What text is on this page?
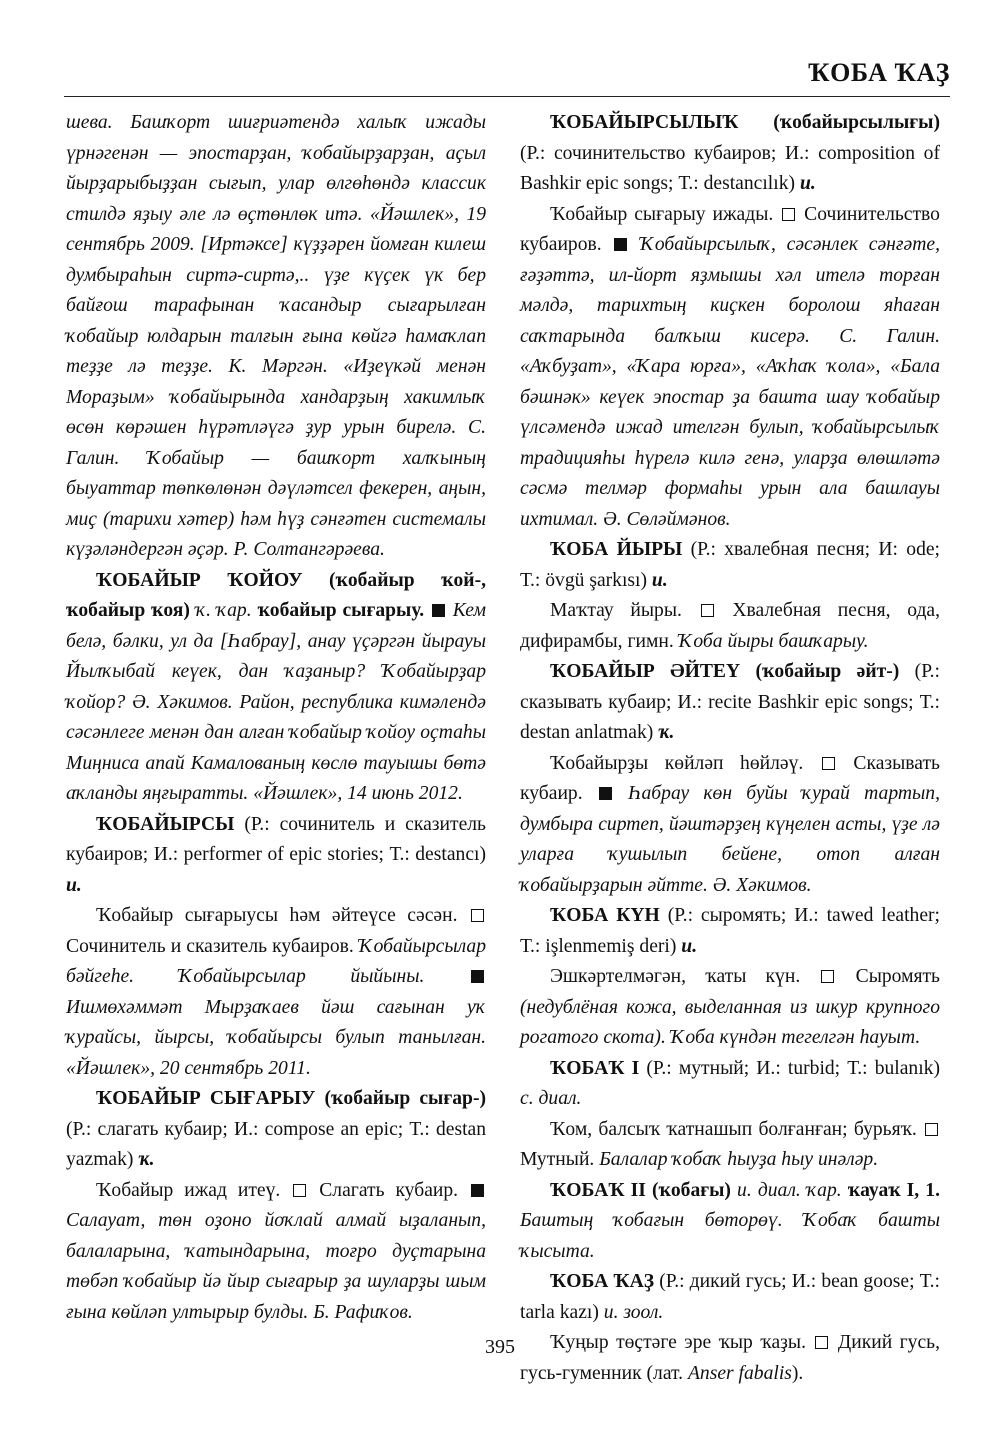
ҠОБА ҠАҘ

шева. Башҡорт шиғриәтендә халыҡ ижады үрнәгенән — эпостарҙан, ҡобайырҙарҙан, аҫыл йырҙарыбыҙҙан сығып, улар өлгөһөндә классик стилдә яҙыу әле лә өҫтөнлөк итә. «Йәшлек», 19 сентябрь 2009. [Иртәксе] күҙҙәрен йомған килеш думбыраһын сиртә-сиртә,.. үҙе күҫек үк бер байғош тарафынан ҡасандыр сығарылған ҡобайыр юлдарын талғын ғына көйгә һамаҡлап теҙҙе лә теҙҙе. К. Мәргән. «Иҙеүкәй менән Мораҙым» ҡобайырында хандарҙың хакимлыҡ өсөн көрәшен һүрәтләүгә ҙур урын бирелә. С. Галин. Ҡобайыр — башҡорт халҡының быуаттар төпкөлөнән дәүләтсел фекерен, аңын, миҫ (тарихи хәтер) һәм һүҙ сәнғәтен системалы күҙәләндергән әҫәр. Р. Солтангәрәева.

ҠОБАЙЫР ҠОЙОУ (ҡобайыр ҡой-, ҡобайыр ҡоя) ҡ. ҡар. ҡобайыр сығарыу. Кем белә, бәлки, ул да [Һабрау], анау үҫәргән йырауы Йылҡыбай кеүек, дан ҡаҙаныр? Ҡобайырҙар ҡойор? Ә. Хәкимов. Район, республика кимәлендә сәсәнлеге менән дан алған ҡобайыр ҡойоу оҫтаһы Миңниса апай Камалованың көслө тауышы бөтә аҡланды яңғыратты. «Йәшлек», 14 июнь 2012.

ҠОБАЙЫРСЫ (Р.: сочинитель и сказитель кубаиров; И.: performer of epic stories; Т.: destancı) и.

Ҡобайыр сығарыусы һәм әйтеүсе сәсән.  Сочинитель и сказитель кубаиров. Ҡобайырсылар бәйгеһе. Ҡобайырсылар йыйыны.  Ишмөхәммәт Мырҙаҡаев йәш сағынан уҡ ҡурайсы, йырсы, ҡобайырсы булып танылған. «Йәшлек», 20 сентябрь 2011.

ҠОБАЙЫР СЫҒАРЫУ (ҡобайыр сығар-) (Р.: слагать кубаир; И.: compose an epic; Т.: destan yazmak) ҡ.

Ҡобайыр ижад итеү. Слагать кубаир.  Салауат, төн оҙоно йоҡлай алмай ыҙаланып, балаларына, ҡатындарына, тоғро дуҫтарына төбәп ҡобайыр йә йыр сығарыр ҙа шуларҙы шым ғына көйләп ултырыр булды. Б. Рафиҡов.

ҠОБАЙЫРСЫЛЫҠ (ҡобайырсылығы) (Р.: сочинительство кубаиров; И.: composition of Bashkir epic songs; Т.: destancılık) и.

Ҡобайыр сығарыу ижады. Сочинительство кубаиров. Ҡобайырсылыҡ, сәсәнлек сәнғәте, ғәҙәттә, ил-йорт яҙмышы хәл ителә торған мәлдә, тарихтың киҫкен боролош яһаған саҡтарында балҡыш кисерә. С. Галин. «Аҡбуҙат», «Ҡара юрға», «Аҡһаҡ ҡола», «Бала бәшнәк» кеүек эпостар ҙа башта шау ҡобайыр үлсәмендә ижад ителгән булып, ҡобайырсылыҡ традицияһы һүрелә килә генә, уларҙа өлөшләтә сәсмә телмәр формаһы урын ала башлауы ихтимал. Ә. Сөләймәнов.

ҠОБА ЙЫРЫ (Р.: хвалебная песня; И: ode; Т.: övgü şarkısı) и.

Маҡтау йыры.	Хвалебная песня, ода, дифирамбы, гимн. Ҡоба йыры башҡарыу.

ҠОБАЙЫР ӘЙТЕҮ (ҡобайыр әйт-) (Р.: сказывать кубаир; И.: recite Bashkir epic songs; Т.: destan anlatmak) ҡ.

Ҡобайырҙы көйләп һөйләү.	Сказывать кубаир. Һабрау көн буйы ҡурай тартып, думбыра сиртеп, йәштәрҙең күңелен асты, үҙе лә уларға ҡушылып бейене, отоп алған ҡобайырҙарын әйтте. Ә. Хәкимов.

ҠОБА КҮН (Р.: сыромять; И.: tawed leather; Т.: işlenmemiş deri) и.

Эшкәртелмәгән, ҡаты күн.	Сыромять (недублёная кожа, выделанная из шкур крупного рогатого скота). Ҡоба күндән тегелгән һауыт.

ҠОБАҠ I (Р.: мутный; И.: turbid; Т.: bulanık) с. диал.

Ҡом, балсыҡ ҡатнашып болғанған; бурьяҡ.  Мутный. Балалар ҡобаҡ һыуҙа һыу инәләр.

ҠОБАҠ II (ҡобағы) и. диал. ҡар. ҡауаҡ I, 1. Баштың ҡобағын бөторөү. Ҡобаҡ башты ҡысыта.

ҠОБА ҠАҘ (Р.: дикий гусь; И.: bean goose; Т.: tarla kazı) и. зоол.

Ҡуңыр төҫтәге эре ҡыр ҡаҙы. Дикий гусь, гусь-гуменник (лат. Anser fabalis).

395
